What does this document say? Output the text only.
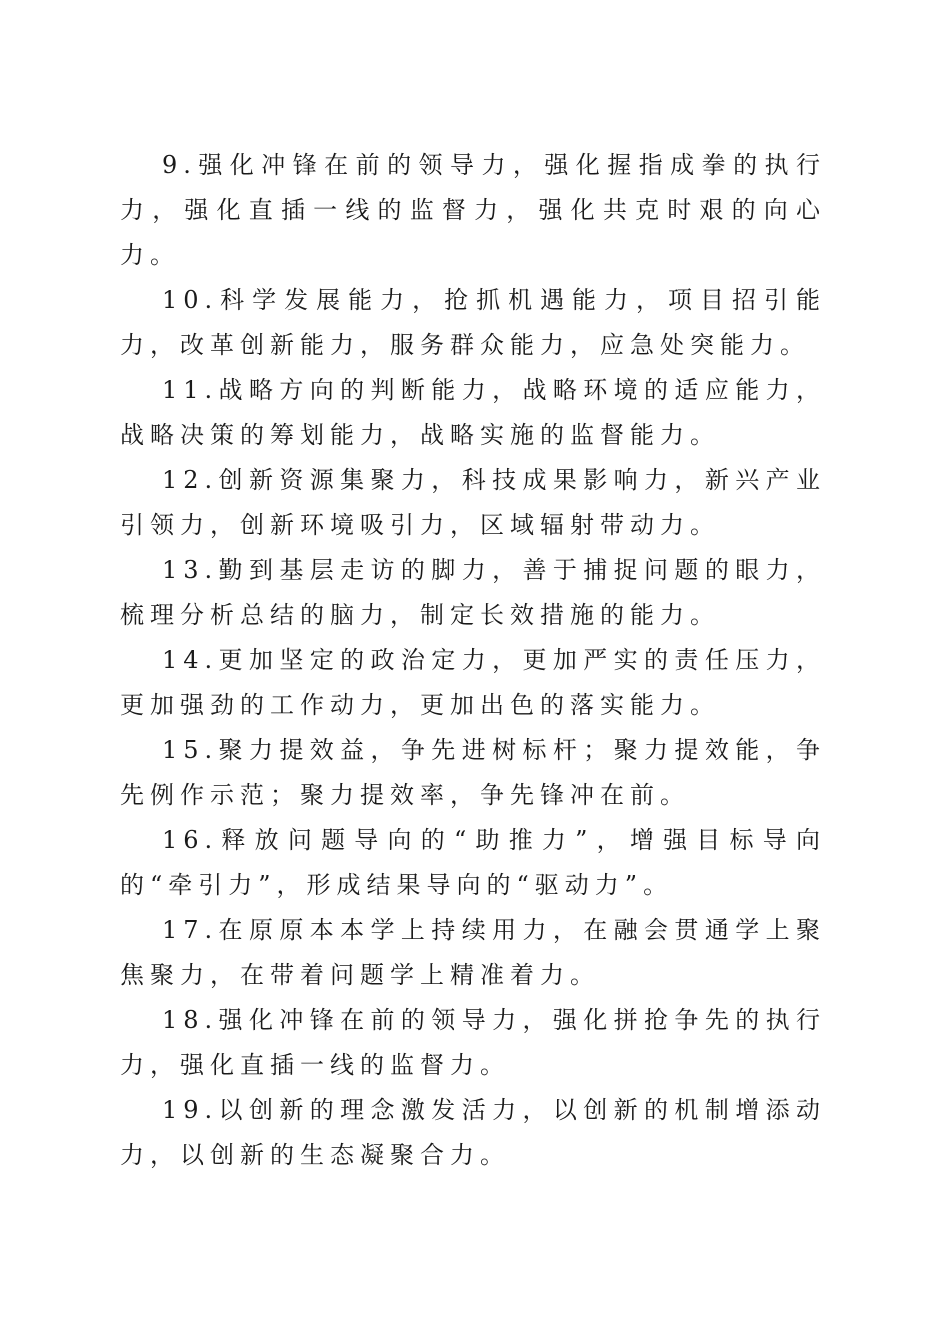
9.强化冲锋在前的领导力，强化握指成拳的执行力，强化直插一线的监督力，强化共克时艰的向心力。

10.科学发展能力，抢抓机遇能力，项目招引能力，改革创新能力，服务群众能力，应急处突能力。

11.战略方向的判断能力，战略环境的适应能力，战略决策的筹划能力，战略实施的监督能力。

12.创新资源集聚力，科技成果影响力，新兴产业引领力，创新环境吸引力，区域辐射带动力。

13.勤到基层走访的脚力，善于捕捉问题的眼力，梳理分析总结的脑力，制定长效措施的能力。

14.更加坚定的政治定力，更加严实的责任压力，更加强劲的工作动力，更加出色的落实能力。

15.聚力提效益，争先进树标杆；聚力提效能，争先例作示范；聚力提效率，争先锋冲在前。

16.释放问题导向的“助推力”，增强目标导向的“牵引力”，形成结果导向的“驱动力”。

17.在原原本本学上持续用力，在融会贯通学上聚焦聚力，在带着问题学上精准着力。

18.强化冲锋在前的领导力，强化拼抢争先的执行力，强化直插一线的监督力。

19.以创新的理念激发活力，以创新的机制增添动力，以创新的生态凝聚合力。
